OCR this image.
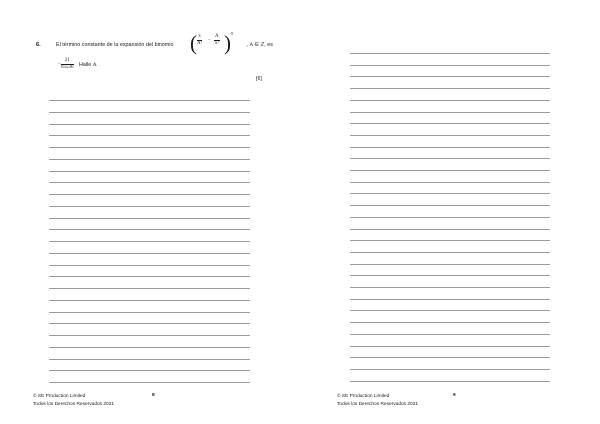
6.	El término constante de la expansión del binomio ( $\frac{x}{\text{A²}} - \frac{A}{\text{x²}}$ ) 9
, A ∈ ℤ, es
− $\frac{21}{65536}$ Halle A.
[6]
© SE Production Limited
Todos los Derechos Reservados 2021
8	© SE Production Limited
Todos los Derechos Reservados 2021
9
